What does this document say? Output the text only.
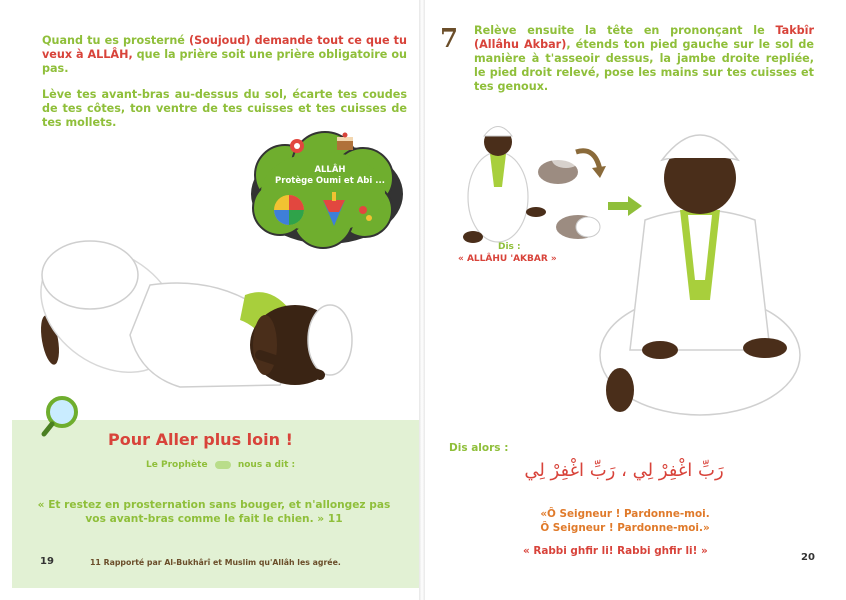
Quand tu es prosterné (Soujoud) demande tout ce que tu veux à ALLÂH, que la prière soit une prière obligatoire ou pas.

Lève tes avant-bras au-dessus du sol, écarte tes coudes de tes côtes, ton ventre de tes cuisses et tes cuisses de tes mollets.

ALLÂH
Protège Oumi et Abi ...
Pour Aller plus loin !
Le Prophète	nous a dit :

« Et restez en prosternation sans bouger, et n'allongez pas vos avant-bras comme le fait le chien. » 11

19	11 Rapporté par Al-Bukhârî et Muslim qu'Allâh les agrée.
7 Relève ensuite la tête en prononçant le Takbîr (Allâhu Akbar), étends ton pied gauche sur le sol de manière à t'asseoir dessus, la jambe droite repliée, le pied droit relevé, pose les mains sur tes cuisses et tes genoux.

Dis :
« ALLÂHU 'AKBAR »
Dis alors :
رَبِّ اغْفِرْ لِي ، رَبِّ اغْفِرْ لِي

«Ô Seigneur ! Pardonne-moi.
Ô Seigneur ! Pardonne-moi.»

« Rabbi ghfir li! Rabbi ghfir li! »
20
